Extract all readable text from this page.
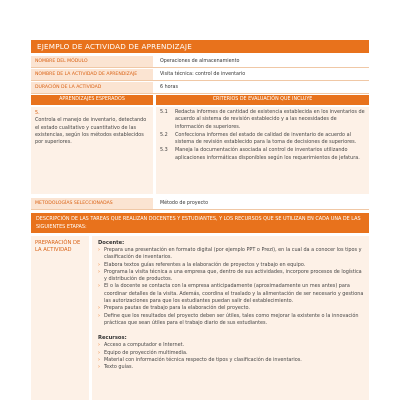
EJEMPLO DE ACTIVIDAD DE APRENDIZAJE
NOMBRE DEL MÓDULO	Operaciones de almacenamiento
NOMBRE DE LA ACTIVIDAD DE APRENDIZAJE	Visita técnica: control de inventario
DURACIÓN DE LA ACTIVIDAD	6 horas
APRENDIZAJES ESPERADOS	CRITERIOS DE EVALUACIÓN QUE INCLUYE
5.
Controla el manejo de inventario, detectando el estado cualitativo y cuantitativo de las existencias, según los métodos establecidos por superiores.
5.1 Redacta informes de cantidad de existencia establecida en los inventarios de acuerdo al sistema de revisión establecido y a las necesidades de información de superiores.
5.2 Confecciona informes del estado de calidad de inventario de acuerdo al sistema de revisión establecido para la toma de decisiones de superiores.
5.3 Maneja la documentación asociada al control de inventarios utilizando aplicaciones informáticas disponibles según los requerimientos de jefatura.
METODOLOGÍAS SELECCIONADAS	Método de proyecto
DESCRIPCIÓN DE LAS TAREAS QUE REALIZAN DOCENTES Y ESTUDIANTES, Y LOS RECURSOS QUE SE UTILIZAN EN CADA UNA DE LAS SIGUIENTES ETAPAS:
PREPARACIÓN DE LA ACTIVIDAD
Docente:
› Prepara una presentación en formato digital (por ejemplo PPT o Prezi), en la cual da a conocer los tipos y clasificación de inventarios.
› Elabora textos guías referentes a la elaboración de proyectos y trabajo en equipo.
› Programa la visita técnica a una empresa que, dentro de sus actividades, incorpore procesos de logística y distribución de productos.
› El o la docente se contacta con la empresa anticipadamente (aproximadamente un mes antes) para coordinar detalles de la visita. Además, coordina el traslado y la alimentación de ser necesario y gestiona las autorizaciones para que los estudiantes puedan salir del establecimiento.
› Prepara pautas de trabajo para la elaboración del proyecto.
› Define que los resultados del proyecto deben ser útiles, tales como mejorar la existente o la innovación prácticas que sean útiles para el trabajo diario de sus estudiantes.
Recursos:
› Acceso a computador e Internet.
› Equipo de proyección multimedia.
› Material con información técnica respecto de tipos y clasificación de inventarios.
› Texto guías.
